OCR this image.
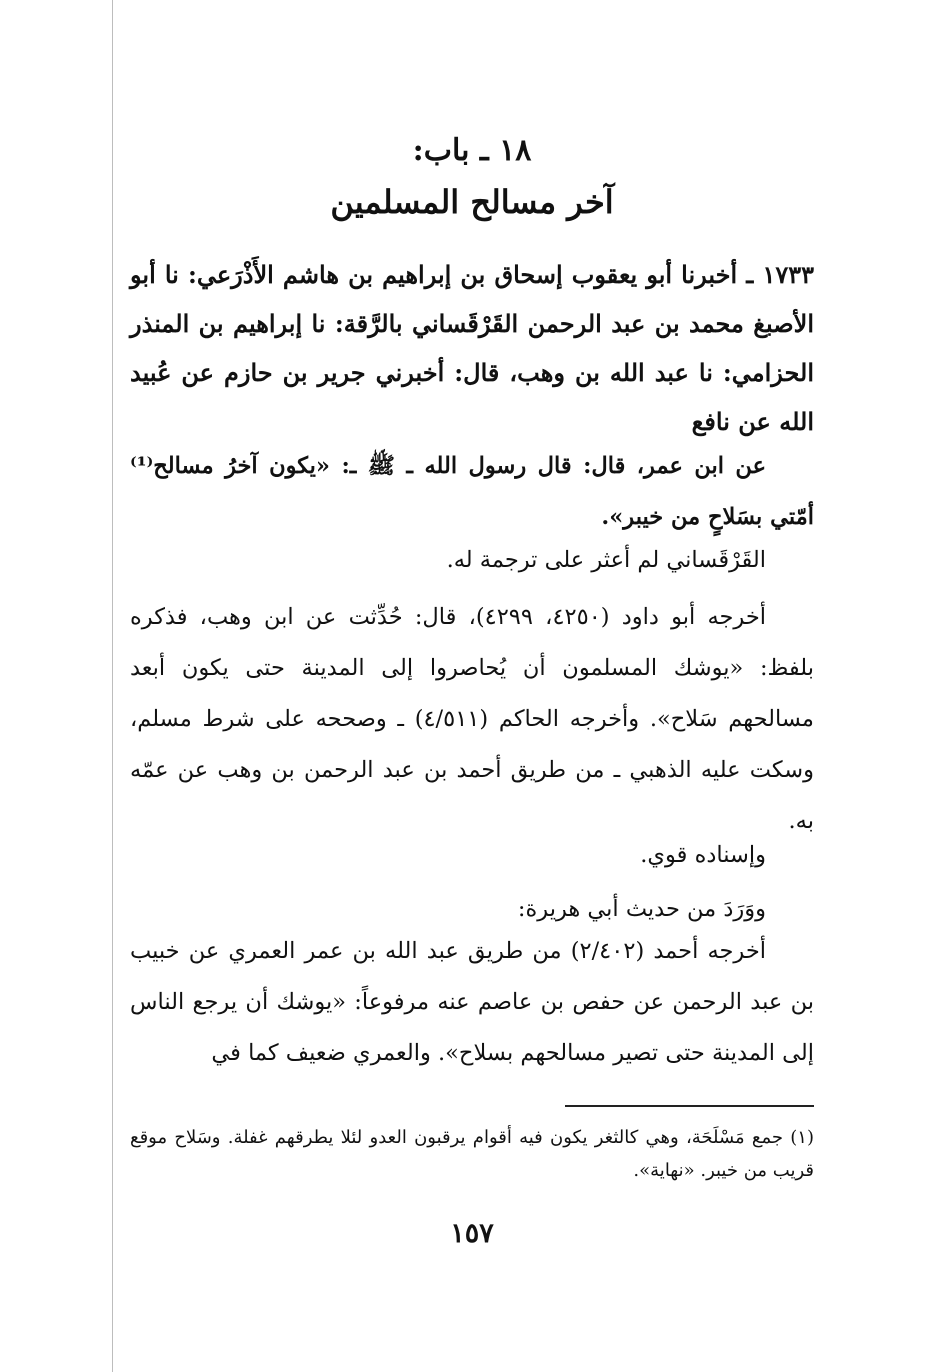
١٨ ـ باب:
آخر مسالح المسلمين
١٧٣٣ ـ أخبرنا أبو يعقوب إسحاق بن إبراهيم بن هاشم الأَذْرَعي: نا أبو الأصبغ محمد بن عبد الرحمن القَرْقَساني بالرَّقة: نا إبراهيم بن المنذر الحزامي: نا عبد الله بن وهب، قال: أخبرني جرير بن حازم عن عُبيد الله عن نافع
عن ابن عمر، قال: قال رسول الله ـ ﷺ ـ: «يكون آخرُ مسالح⁽¹⁾ أمّتي بسَلاحٍ من خيبر».
القَرْقَساني لم أعثر على ترجمة له.
أخرجه أبو داود (٤٢٥٠، ٤٢٩٩)، قال: حُدِّثت عن ابن وهب، فذكره بلفظ: «يوشك المسلمون أن يُحاصروا إلى المدينة حتى يكون أبعد مسالحهم سَلاح». وأخرجه الحاكم (٤/٥١١) ـ وصححه على شرط مسلم، وسكت عليه الذهبي ـ من طريق أحمد بن عبد الرحمن بن وهب عن عمّه به.
وإسناده قوي.
ووَرَدَ من حديث أبي هريرة:
أخرجه أحمد (٢/٤٠٢) من طريق عبد الله بن عمر العمري عن خبيب بن عبد الرحمن عن حفص بن عاصم عنه مرفوعاً: «يوشك أن يرجع الناس إلى المدينة حتى تصير مسالحهم بسلاح». والعمري ضعيف كما في
(١) جمع مَسْلَحَة، وهي كالثغر يكون فيه أقوام يرقبون العدو لئلا يطرقهم غفلة. وسَلاح موقع قريب من خيبر. «نهاية».
١٥٧
